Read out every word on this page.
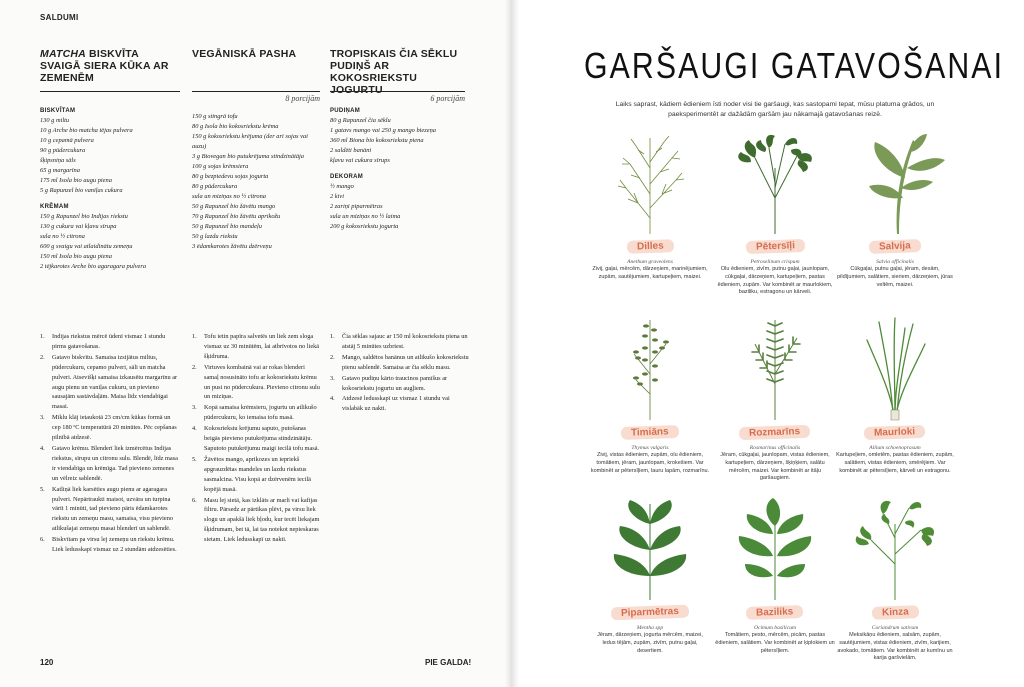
SALDUMI
MATCHA BISKVĪTA SVAIGĀ SIERA KŪKA AR ZEMENĒM
BISKVĪTAM
130 g miltu
10 g Arche bio matcha tējas pulvera
10 g cepamā pulvera
90 g pūdercukura
šķipsniņa sāls
65 g margarīna
175 ml Isola bio augu piena
5 g Rapunzel bio vaniļas cukura
KRĒMAM
150 g Rapunzel bio Indijas riekstu
130 g cukura vai kļavu sīrupa
sula no ½ citrona
600 g svaigu vai atlaidinātu zemeņu
150 ml Isola bio augu piena
2 tējkarotes Arche bio agaragara pulvera
VEGĀNISKĀ PASHA
8 porcijām
150 g stingrā tofu
80 g Isola bio kokosriekstu krēma
150 g kokosriekstu krējuma (der arī sojas vai auzu)
3 g Biovegan bio putukrējuma stindzinātāja
100 g sojas krēmsiera
80 g bezpiedevu sojas jogurta
80 g pūdercukura
sula un miziņas no ½ citrona
50 g Rapunzel bio žāvētu mango
70 g Rapunzel bio žāvētu aprikožu
50 g Rapunzel bio mandeļu
50 g lazdu riekstu
3 ēdamkarotes žāvētu dzērveņu
TROPISKAIS ČIA SĒKLU PUDIŅŠ AR KOKOSRIEKSTU JOGURTU
6 porcijām
PUDIŅAM
80 g Rapunzel čia sēklu
1 gatavs mango vai 250 g mango biezeņa
360 ml Biona bio kokosriekstu piena
2 saldēti banāni
kļavu vai cukura sīrups
DEKORAM
½ mango
2 kivi
2 zariņi piparmētras
sula un miziņas no ½ laima
200 g kokosriekstu jogurta
1. Indijas riekstus mērcē ūdenī vismaz 1 stundu pirms gatavošanas.
2. Gatavo biskvītu. Samaisa izsijātus miltus, pūdercukuru, cepamo pulveri, sāli un matcha pulveri. Atsevišķi samaisa izkausētu margarīnu ar augu pienu un vaniļas cukuru, un pievieno sausajām sastāvdaļām. Maisa līdz viendabīgai masai.
3. Mīklu klāj ietaukotā 23 cm/cm kūkas formā un cep 180 ºC temperatūrā 20 minūtes. Pēc cepšanas pilnībā atdzesē.
4. Gatavo krēmu. Blenderī liek izmērcētus Indijas riekstus, sīrupu un citronu sulu. Blendē, līdz masa ir viendabīga un krēmīga. Tad pievieno zemenes un vēlreiz sablendē.
5. Katliņā liek karsēties augu pienu ar agaragara pulveri. Nepārtraukti maisot, uzvāra un turpina vārīt 1 minūti, tad pievieno pāris ēdamkarotes riekstu un zemeņu masu, samaisa, visu pievieno atlikušajai zemeņu masai blenderī un sablendē.
6. Biskvītam pa virsu lej zemeņu un riekstu krēmu. Liek ledusskapī vismaz uz 2 stundām atdzesēties.
1. Tofu ietin papīra salvetēs un liek zem sloga vismaz uz 30 minūtēm, lai atbrīvotos no liekā šķidruma.
2. Virtuves kombainā vai ar rokas blenderi samaļ nosusināto tofu ar kokosriekstu krēmu un pusi no pūdercukura. Pievieno citronu sulu un miziņas.
3. Kopā samaisa krēmsieru, jogurtu un atlikušo pūdercukuru, ko iemaisa tofu masā.
4. Kokosriekstu krējumu saputo, putošanas beigās pievieno putukrējuma stindzinātāju. Saputoto putukrējumu maigi iecilā tofu masā.
5. Žāvētos mango, aprikozes un iepriekš apgrauzdētas mandeles un lazdu riekstus sasmalcina. Visu kopā ar dzērvenēm iecilā kopējā masā.
6. Masu lej sietā, kas izklāts ar marli vai kafijas filtru. Pārsedz ar pārtikas plēvi, pa virsu liek slogu un apakšā liek bļodu, kur tecēt liekajam šķidrumam, bet tā, lai tas notekot nepieskaras sietam. Liek ledusskapī uz nakti.
1. Čia sēklas sajauc ar 150 ml kokosriekstu piena un atstāj 5 minūtes uzbriest.
2. Mango, saldētos banānus un atlikušo kokosriekstu pienu sablendē. Samaisa ar čia sēklu masu.
3. Gatavo pudiņu kārto traucinos pamīšus ar kokosriekstu jogurtu un augļiem.
4. Atdzesē ledusskapī uz vismaz 1 stundu vai vislabāk uz nakti.
120	PIE GALDA!
GARŠAUGI GATAVOŠANAI
Laiks saprast, kādiem ēdieniem īsti noder visi tie garšaugi, kas sastopami tepat, mūsu platuma grādos, un paeksperimentēt ar dažādām garšām jau nākamajā gatavošanas reizē.
Dilles
Anethum graveolens
Zivij, gaļai, mērcēm, dārzeņiem, marinējumiem, zupām, sautējumiem, kartupeļiem, maizei.
Pētersīļi
Petroselinum crispum
Olu ēdieniem, zivīm, putnu gaļai, jaunlopam, cūkgaļai, dārzeņiem, kartupeļiem, pastas ēdieniem, zupām. Var kombinēt ar maurlokiem, baziliku, estragonu un kārveli.
Salvija
Salvia officinalis
Cūkgaļai, putnu gaļai, jēram, desām, pildījumiem, salātiem, sieriem, dārzeņiem, jūras veltēm, maizei.
Timiāns
Thymus vulgaris
Zivij, vistas ēdieniem, zupām, olu ēdieniem, tomātiem, jēram, jaunlopam, krokešiem. Var kombinēt ar pētersīļiem, lauru lapām, rozmarīnu.
Rozmarīns
Rosmarinus officinalis
Jēram, cūkgaļai, jaunlopam, vistas ēdieniem, kartupeļiem, dārzeņiem, šķiņķiem, salātu mērcēm, maizei. Var kombinēt ar itāļu garšaugiem.
Maurloki
Allium schoenoprasum
Kartupeļiem, omletēm, pastas ēdieniem, zupām, salātiem, vistas ēdieniem, smērējiem. Var kombinēt ar pētersīļiem, kārveli un estragonu.
Piparmētras
Mentha spp
Jēram, dārzeņiem, jogurta mērcēm, maizei, ledus tējām, zupām, zivīm, putnu gaļai, desertiem.
Baziliks
Ocimum basilicum
Tomātiem, pesto, mērcēm, picām, pastas ēdieniem, salātiem. Var kombinēt ar ķiplokiem un pētersīļiem.
Kinza
Coriandrum sativum
Meksikāņu ēdieniem, salsām, zupām, sautējumiem, vistas ēdieniem, zivīm, karijiem, avokado, tomātiem. Var kombinēt ar kumīnu un karija garšvielām.
